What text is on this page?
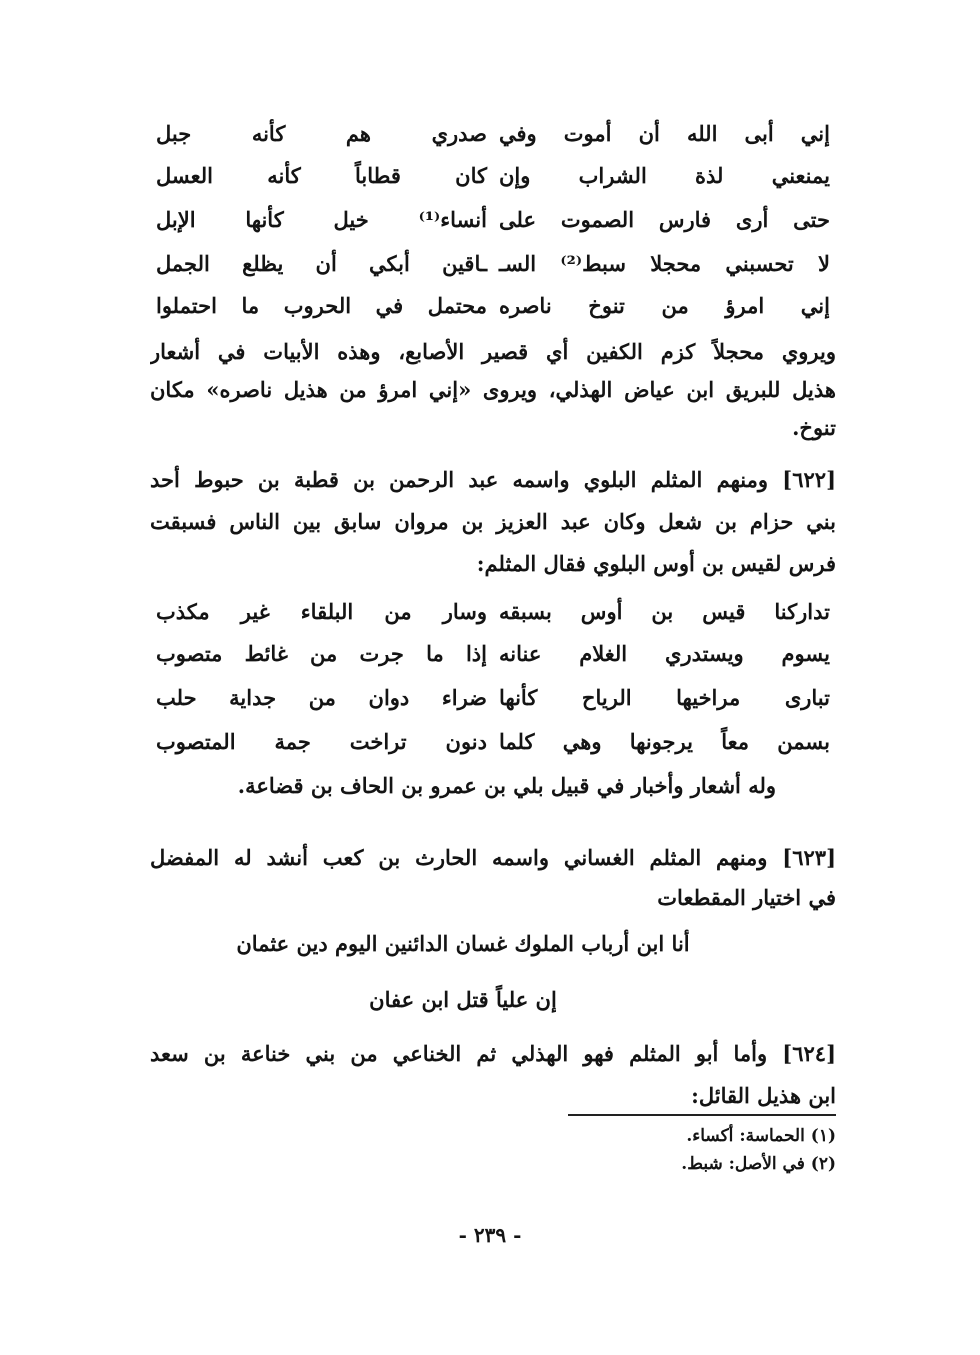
إني أبى الله أن أموت وفي
صدري هم كأنه جبل
يمنعني لذة الشراب وإن
كان قطاباً كأنه العسل
حتى أرى فارس الصموت على
أنساء⁽¹⁾ خيل كأنها الإبل
لا تحسبني محجلا سبط⁽²⁾ السـ
ـاقين أبكي أن يظلع الجمل
إني امرؤ من تنوخ ناصره
محتمل في الحروب ما احتملوا
ويروي محجلاً كزم الكفين أي قصير الأصابع، وهذه الأبيات في أشعار
هذيل للبريق ابن عياض الهذلي، ويروى «إني امرؤ من هذيل ناصره» مكان
تنوخ.
[٦٢٢] ومنهم المثلم البلوي واسمه عبد الرحمن بن قطبة بن حبوط أحد
بني حزام بن شعل وكان عبد العزيز بن مروان سابق بين الناس فسبقت
فرس لقيس بن أوس البلوي فقال المثلم:
تداركنا قيس بن أوس بسبقه
وسار من البلقاء غير مكذب
يسوم ويستدري الغلام عنانه
إذا ما جرت من غائط متصوب
تبارى مراخيها الرياح كأنها
ضراء دوان من جداية حلب
بسمن معاً يرجونها وهي كلما
دنون تراخت جمة المتصوب
وله أشعار وأخبار في قبيل بلي بن عمرو بن الحاف بن قضاعة.
[٦٢٣] ومنهم المثلم الغساني واسمه الحارث بن كعب أنشد له المفضل
في اختيار المقطعات
أنا ابن أرباب الملوك غسان الدائنين اليوم دين عثمان
إن علياً قتل ابن عفان
[٦٢٤] وأما أبو المثلم فهو الهذلي ثم الخناعي من بني خناعة بن سعد
ابن هذيل القائل:
(١) الحماسة: أكساء.
(٢) في الأصل: شبط.
- ٢٣٩ -
